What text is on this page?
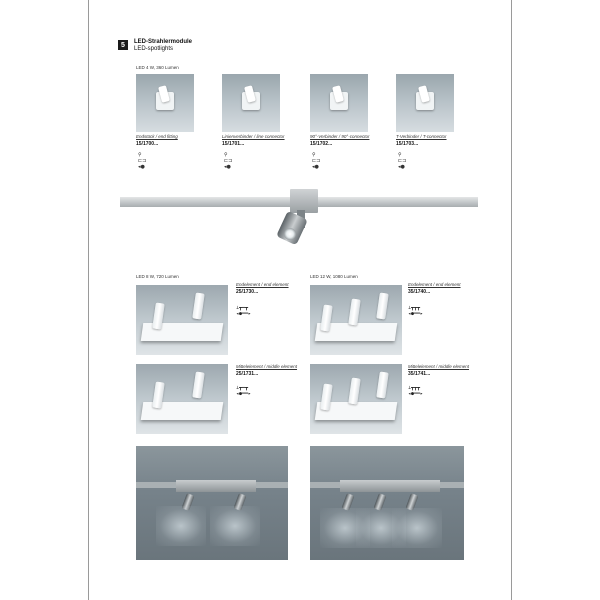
5	LED-Strahlermodule
LED-spotlights
LED 4 W, 360 Lumen
Endstück / end fitting
15/1700...
Linienverbinder / line connector
15/1701...
90°-Verbinder / 90°-connector
15/1702...
T-Verbinder / T-connector
15/1703...
⚲
⊏⊐
◂●
⚲
⊏⊐
◂●
⚲
⊏⊐
◂●
⚲
⊏⊐
◂●
LED 8 W, 720 Lumen	LED 12 W, 1080 Lumen
Endelement / end element
25/1730...
⊥┳━┳
◂●══▸
Mittelelement / middle element
25/1731...
⊥┳━┳
◂●══▸
Endelement / end element
35/1740...
⊥┳┳┳
◂●══▸
Mittelelement / middle element
35/1741...
⊥┳┳┳
◂●══▸
